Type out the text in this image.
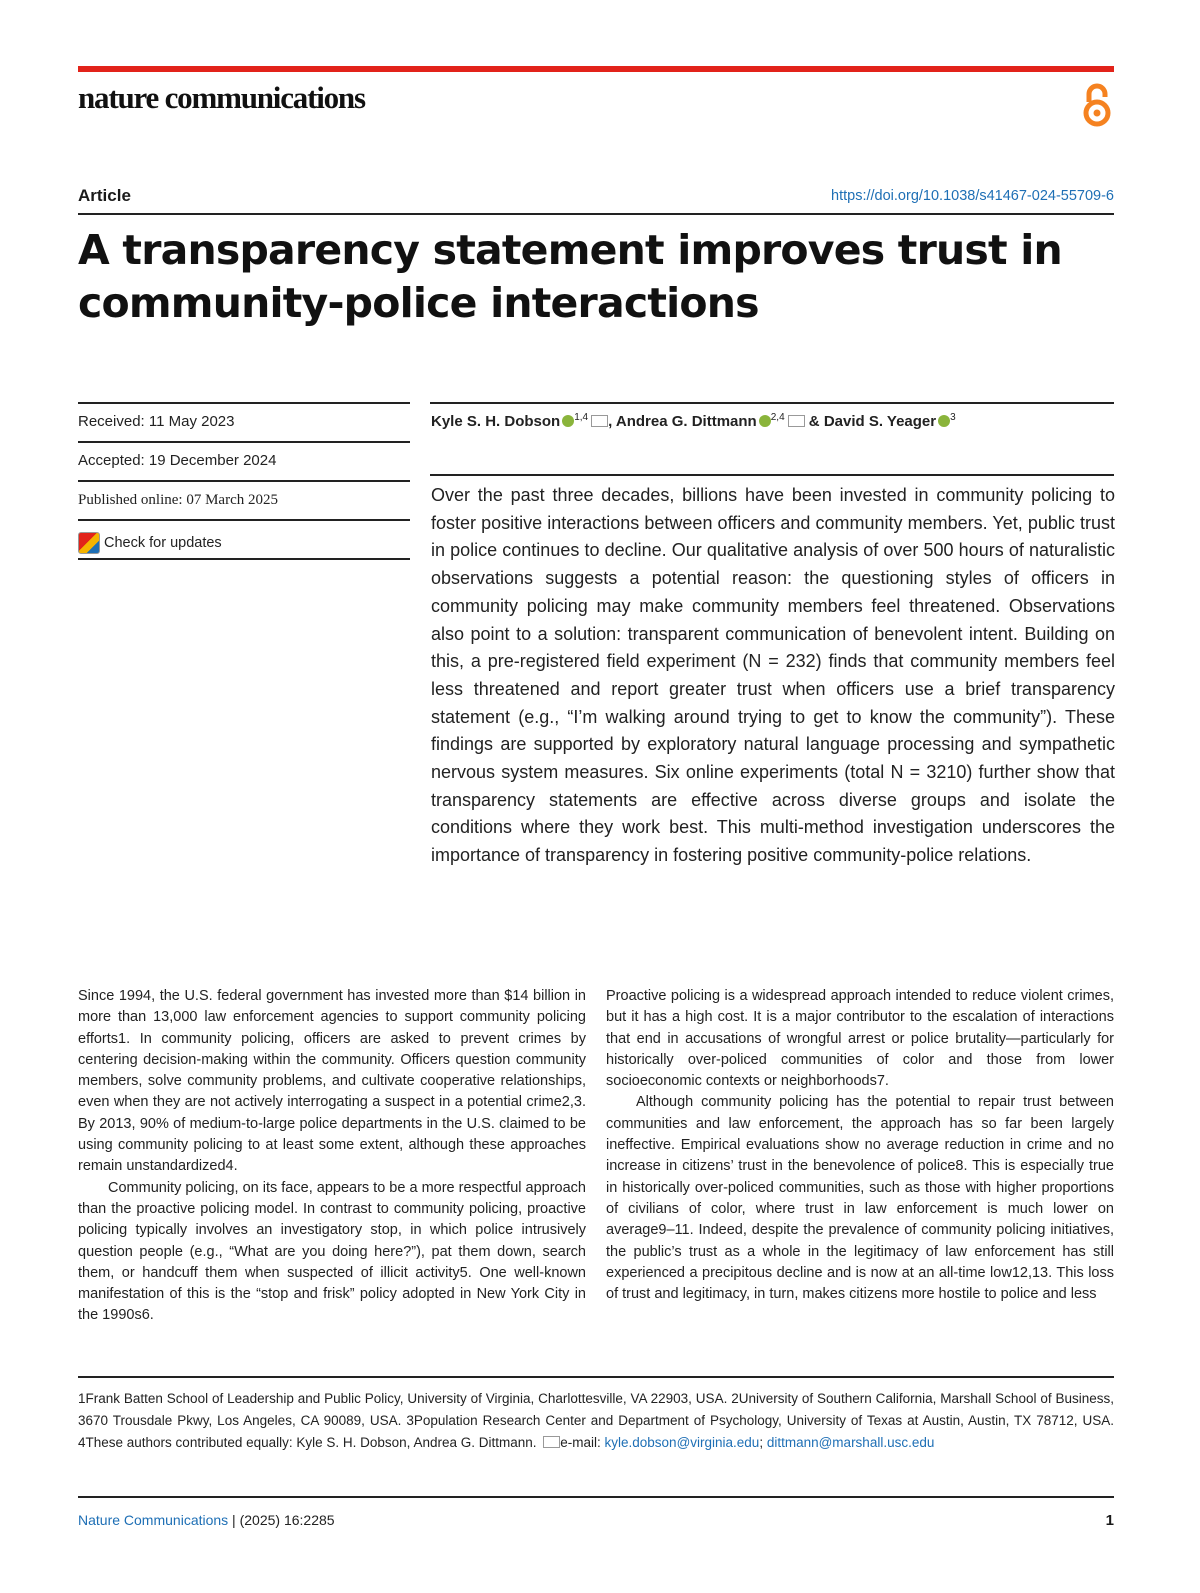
nature communications
Article	https://doi.org/10.1038/s41467-024-55709-6
A transparency statement improves trust in community-police interactions
Received: 11 May 2023
Accepted: 19 December 2024
Published online: 07 March 2025
Check for updates
Kyle S. H. Dobson $^{1,4}$ , Andrea G. Dittmann $^{2,4}$ & David S. Yeager $^3$

Over the past three decades, billions have been invested in community policing to foster positive interactions between officers and community members. Yet, public trust in police continues to decline. Our qualitative analysis of over 500 hours of naturalistic observations suggests a potential reason: the questioning styles of officers in community policing may make community members feel threatened. Observations also point to a solution: transparent communication of benevolent intent. Building on this, a pre-registered field experiment (N = 232) finds that community members feel less threatened and report greater trust when officers use a brief transparency statement (e.g., “I’m walking around trying to get to know the community”). These findings are supported by exploratory natural language processing and sympathetic nervous system measures. Six online experiments (total N = 3210) further show that transparency statements are effective across diverse groups and isolate the conditions where they work best. This multi-method investigation underscores the importance of transparency in fostering positive community-police relations.

Since 1994, the U.S. federal government has invested more than $14 billion in more than 13,000 law enforcement agencies to support community policing efforts1. In community policing, officers are asked to prevent crimes by centering decision-making within the community. Officers question community members, solve community problems, and cultivate cooperative relationships, even when they are not actively interrogating a suspect in a potential crime2,3. By 2013, 90% of medium-to-large police departments in the U.S. claimed to be using community policing to at least some extent, although these approaches remain unstandardized4.

Community policing, on its face, appears to be a more respectful approach than the proactive policing model. In contrast to community policing, proactive policing typically involves an investigatory stop, in which police intrusively question people (e.g., “What are you doing here?”), pat them down, search them, or handcuff them when suspected of illicit activity5. One well-known manifestation of this is the “stop and frisk” policy adopted in New York City in the 1990s6.

Proactive policing is a widespread approach intended to reduce violent crimes, but it has a high cost. It is a major contributor to the escalation of interactions that end in accusations of wrongful arrest or police brutality—particularly for historically over-policed communities of color and those from lower socioeconomic contexts or neighborhoods7.

Although community policing has the potential to repair trust between communities and law enforcement, the approach has so far been largely ineffective. Empirical evaluations show no average reduction in crime and no increase in citizens’ trust in the benevolence of police8. This is especially true in historically over-policed communities, such as those with higher proportions of civilians of color, where trust in law enforcement is much lower on average9–11. Indeed, despite the prevalence of community policing initiatives, the public’s trust as a whole in the legitimacy of law enforcement has still experienced a precipitous decline and is now at an all-time low12,13. This loss of trust and legitimacy, in turn, makes citizens more hostile to police and less

1Frank Batten School of Leadership and Public Policy, University of Virginia, Charlottesville, VA 22903, USA. 2University of Southern California, Marshall School of Business, 3670 Trousdale Pkwy, Los Angeles, CA 90089, USA. 3Population Research Center and Department of Psychology, University of Texas at Austin, Austin, TX 78712, USA. 4These authors contributed equally: Kyle S. H. Dobson, Andrea G. Dittmann. e-mail: kyle.dobson@virginia.edu; dittmann@marshall.usc.edu

Nature Communications | (2025) 16:2285	1
